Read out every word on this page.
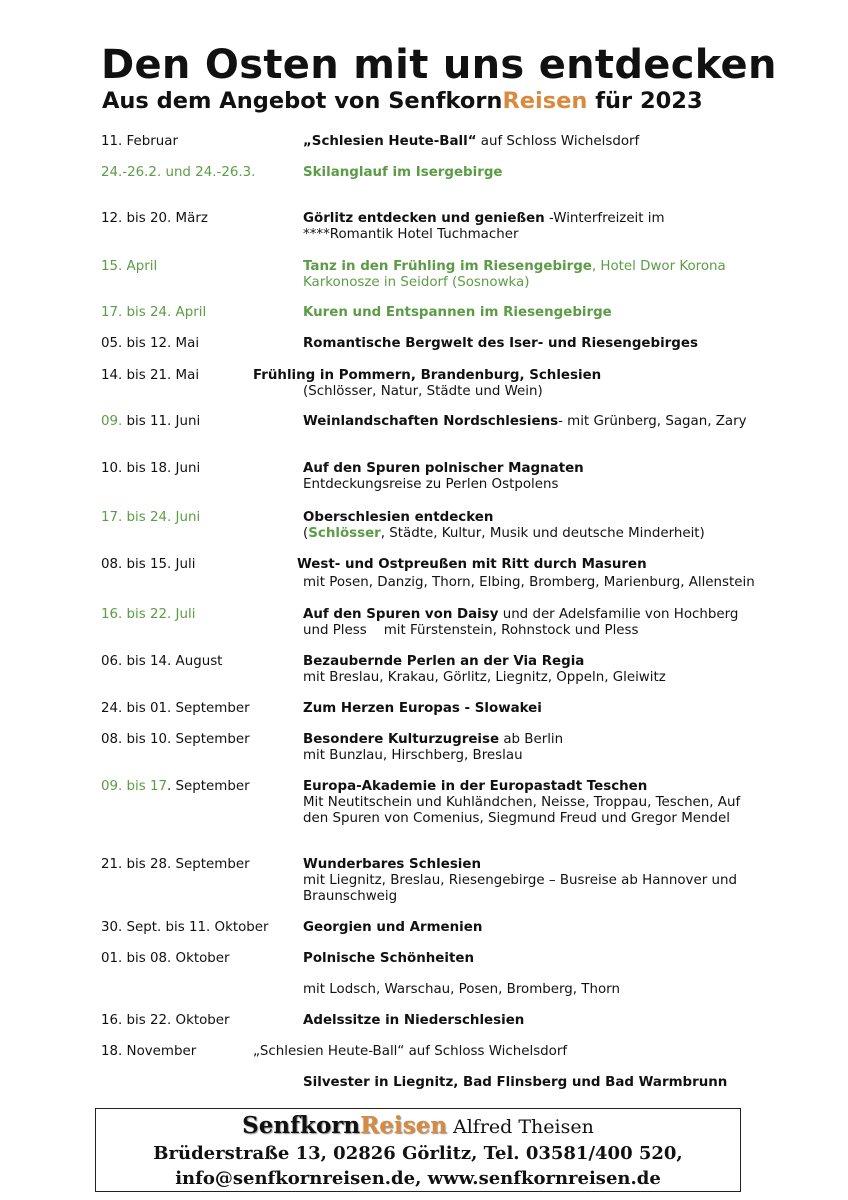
Den Osten mit uns entdecken
Aus dem Angebot von SenfkornReisen für 2023
11. Februar	„Schlesien Heute-Ball“ auf Schloss Wichelsdorf
24.-26.2. und 24.-26.3.	Skilanglauf im Isergebirge
12. bis 20. März	Görlitz entdecken und genießen -Winterfreizeit im
****Romantik Hotel Tuchmacher
15. April	Tanz in den Frühling im Riesengebirge, Hotel Dwor Korona
Karkonosze in Seidorf (Sosnowka)
17. bis 24. April	Kuren und Entspannen im Riesengebirge
05. bis 12. Mai	Romantische Bergwelt des Iser- und Riesengebirges
14. bis 21. Mai	Frühling in Pommern, Brandenburg, Schlesien
(Schlösser, Natur, Städte und Wein)
09. bis 11. Juni	Weinlandschaften Nordschlesiens- mit Grünberg, Sagan, Zary
10. bis 18. Juni	Auf den Spuren polnischer Magnaten
Entdeckungsreise zu Perlen Ostpolens
17. bis 24. Juni	Oberschlesien entdecken
(Schlösser, Städte, Kultur, Musik und deutsche Minderheit)
08. bis 15. Juli	West- und Ostpreußen mit Ritt durch Masuren
mit Posen, Danzig, Thorn, Elbing, Bromberg, Marienburg, Allenstein
16. bis 22. Juli	Auf den Spuren von Daisy und der Adelsfamilie von Hochberg
und Pless    mit Fürstenstein, Rohnstock und Pless
06. bis 14. August	Bezaubernde Perlen an der Via Regia
mit Breslau, Krakau, Görlitz, Liegnitz, Oppeln, Gleiwitz
24. bis 01. September	Zum Herzen Europas - Slowakei
08. bis 10. September	Besondere Kulturzugreise ab Berlin
mit Bunzlau, Hirschberg, Breslau
09. bis 17. September	Europa-Akademie in der Europastadt Teschen
Mit Neutitschein und Kuhländchen, Neisse, Troppau, Teschen, Auf
den Spuren von Comenius, Siegmund Freud und Gregor Mendel
21. bis 28. September	Wunderbares Schlesien
mit Liegnitz, Breslau, Riesengebirge – Busreise ab Hannover und
Braunschweig
30. Sept. bis 11. Oktober	Georgien und Armenien
01. bis 08. Oktober	Polnische Schönheiten
mit Lodsch, Warschau, Posen, Bromberg, Thorn
16. bis 22. Oktober	Adelssitze in Niederschlesien
18. November	„Schlesien Heute-Ball“ auf Schloss Wichelsdorf
Silvester in Liegnitz, Bad Flinsberg und Bad Warmbrunn
SenfkornReisen Alfred Theisen
Brüderstraße 13, 02826 Görlitz, Tel. 03581/400 520,
info@senfkornreisen.de, www.senfkornreisen.de
